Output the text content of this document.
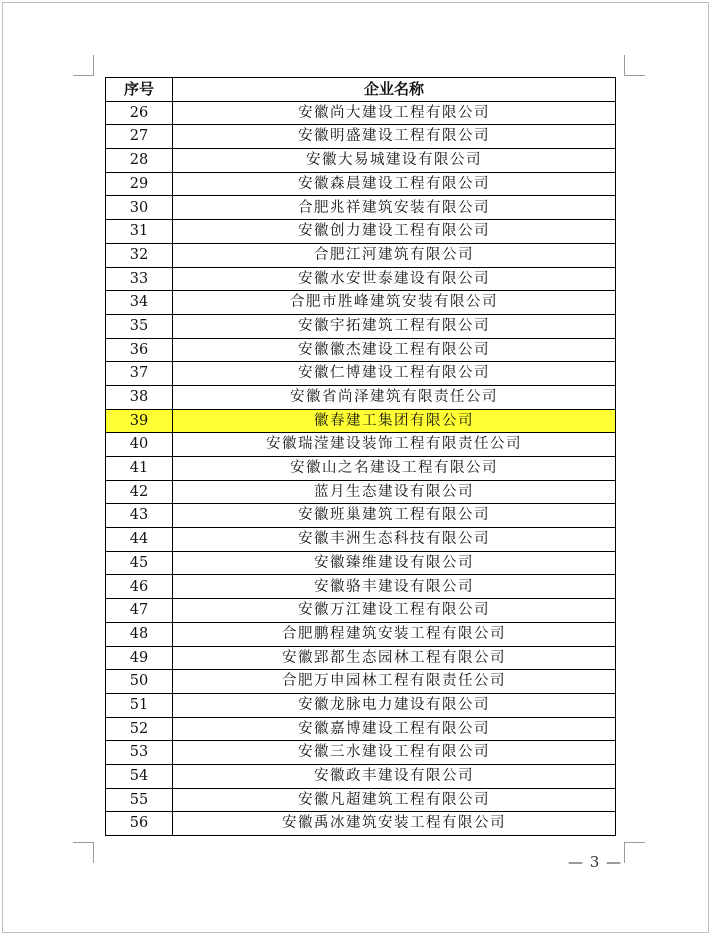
序号	企业名称
26	安徽尚大建设工程有限公司
27	安徽明盛建设工程有限公司
28	安徽大易城建设有限公司
29	安徽森晨建设工程有限公司
30	合肥兆祥建筑安装有限公司
31	安徽创力建设工程有限公司
32	合肥江河建筑有限公司
33	安徽水安世泰建设有限公司
34	合肥市胜峰建筑安装有限公司
35	安徽宇拓建筑工程有限公司
36	安徽徽杰建设工程有限公司
37	安徽仁博建设工程有限公司
38	安徽省尚泽建筑有限责任公司
39	徽春建工集团有限公司
40	安徽瑞滢建设装饰工程有限责任公司
41	安徽山之名建设工程有限公司
42	蓝月生态建设有限公司
43	安徽班巢建筑工程有限公司
44	安徽丰洲生态科技有限公司
45	安徽臻维建设有限公司
46	安徽骆丰建设有限公司
47	安徽万江建设工程有限公司
48	合肥鹏程建筑安装工程有限公司
49	安徽郢都生态园林工程有限公司
50	合肥万申园林工程有限责任公司
51	安徽龙脉电力建设有限公司
52	安徽嘉博建设工程有限公司
53	安徽三水建设工程有限公司
54	安徽政丰建设有限公司
55	安徽凡超建筑工程有限公司
56	安徽禹冰建筑安装工程有限公司
— 3 —
